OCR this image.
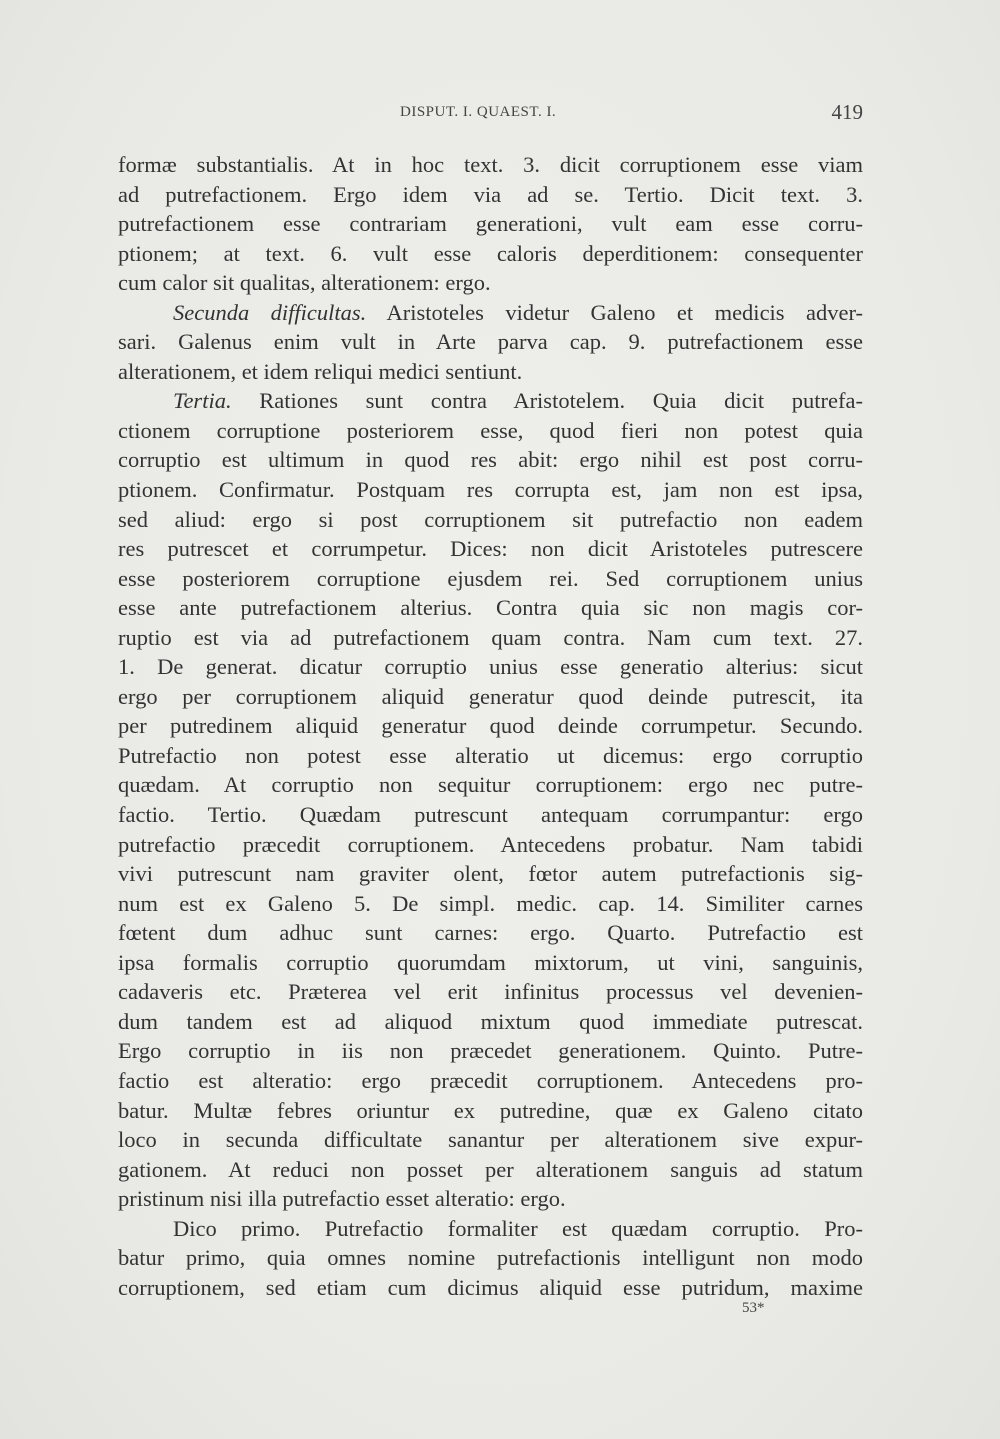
DISPUT. I. QUAEST. I.	419
formæ substantialis. At in hoc text. 3. dicit corruptionem esse viam
ad putrefactionem. Ergo idem via ad se. Tertio. Dicit text. 3.
putrefactionem esse contrariam generationi, vult eam esse corru-
ptionem; at text. 6. vult esse caloris deperditionem: consequenter
cum calor sit qualitas, alterationem: ergo.
Secunda difficultas. Aristoteles videtur Galeno et medicis adver-
sari. Galenus enim vult in Arte parva cap. 9. putrefactionem esse
alterationem, et idem reliqui medici sentiunt.
Tertia. Rationes sunt contra Aristotelem. Quia dicit putrefa-
ctionem corruptione posteriorem esse, quod fieri non potest quia
corruptio est ultimum in quod res abit: ergo nihil est post corru-
ptionem. Confirmatur. Postquam res corrupta est, jam non est ipsa,
sed aliud: ergo si post corruptionem sit putrefactio non eadem
res putrescet et corrumpetur. Dices: non dicit Aristoteles putrescere
esse posteriorem corruptione ejusdem rei. Sed corruptionem unius
esse ante putrefactionem alterius. Contra quia sic non magis cor-
ruptio est via ad putrefactionem quam contra. Nam cum text. 27.
1. De generat. dicatur corruptio unius esse generatio alterius: sicut
ergo per corruptionem aliquid generatur quod deinde putrescit, ita
per putredinem aliquid generatur quod deinde corrumpetur. Secundo.
Putrefactio non potest esse alteratio ut dicemus: ergo corruptio
quædam. At corruptio non sequitur corruptionem: ergo nec putre-
factio. Tertio. Quædam putrescunt antequam corrumpantur: ergo
putrefactio præcedit corruptionem. Antecedens probatur. Nam tabidi
vivi putrescunt nam graviter olent, fœtor autem putrefactionis sig-
num est ex Galeno 5. De simpl. medic. cap. 14. Similiter carnes
fœtent dum adhuc sunt carnes: ergo. Quarto. Putrefactio est
ipsa formalis corruptio quorumdam mixtorum, ut vini, sanguinis,
cadaveris etc. Præterea vel erit infinitus processus vel devenien-
dum tandem est ad aliquod mixtum quod immediate putrescat.
Ergo corruptio in iis non præcedet generationem. Quinto. Putre-
factio est alteratio: ergo præcedit corruptionem. Antecedens pro-
batur. Multæ febres oriuntur ex putredine, quæ ex Galeno citato
loco in secunda difficultate sanantur per alterationem sive expur-
gationem. At reduci non posset per alterationem sanguis ad statum
pristinum nisi illa putrefactio esset alteratio: ergo.
Dico primo. Putrefactio formaliter est quædam corruptio. Pro-
batur primo, quia omnes nomine putrefactionis intelligunt non modo
corruptionem, sed etiam cum dicimus aliquid esse putridum, maxime
53*
